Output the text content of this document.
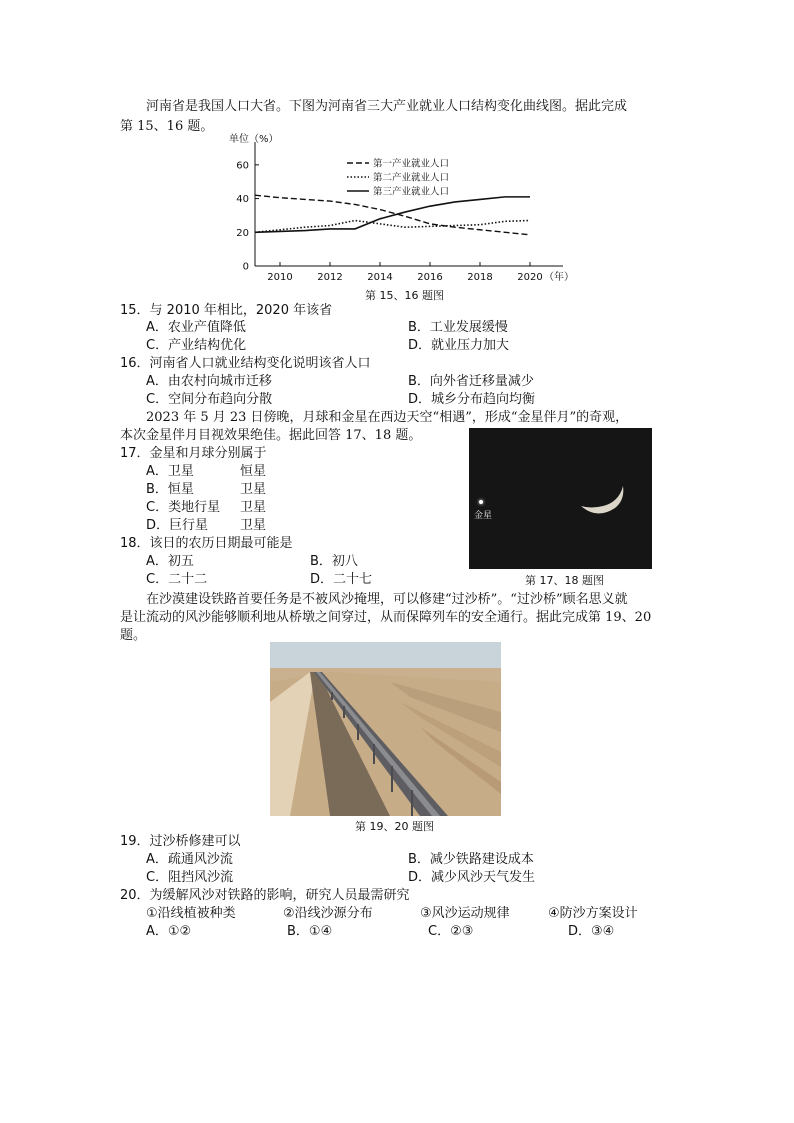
河南省是我国人口大省。下图为河南省三大产业就业人口结构变化曲线图。据此完成
第 15、16 题。
单位（%）
0
20
40
60
2010 2012 2014 2016 2018 2020 （年）
第一产业就业人口
第二产业就业人口
第三产业就业人口
第 15、16 题图
15．与 2010 年相比，2020 年该省
A．农业产值降低	B．工业发展缓慢
C．产业结构优化	D．就业压力加大
16．河南省人口就业结构变化说明该省人口
A．由农村向城市迁移	B．向外省迁移量减少
C．空间分布趋向分散	D．城乡分布趋向均衡
2023 年 5 月 23 日傍晚，月球和金星在西边天空“相遇”，形成“金星伴月”的奇观，
本次金星伴月目视效果绝佳。据此回答 17、18 题。
金星
第 17、18 题图
17．金星和月球分别属于
A．卫星	恒星
B．恒星	卫星
C．类地行星 卫星
D．巨行星 卫星
18．该日的农历日期最可能是
A．初五	B．初八
C．二十二	D．二十七
在沙漠建设铁路首要任务是不被风沙掩埋，可以修建“过沙桥”。“过沙桥”顾名思义就
是让流动的风沙能够顺利地从桥墩之间穿过，从而保障列车的安全通行。据此完成第 19、20
题。
第 19、20 题图
19．过沙桥修建可以
A．疏通风沙流	B．减少铁路建设成本
C．阻挡风沙流	D．减少风沙天气发生
20．为缓解风沙对铁路的影响，研究人员最需研究
①沿线植被种类	②沿线沙源分布	③风沙运动规律	④防沙方案设计
A．①②	B．①④	C．②③	D．③④
